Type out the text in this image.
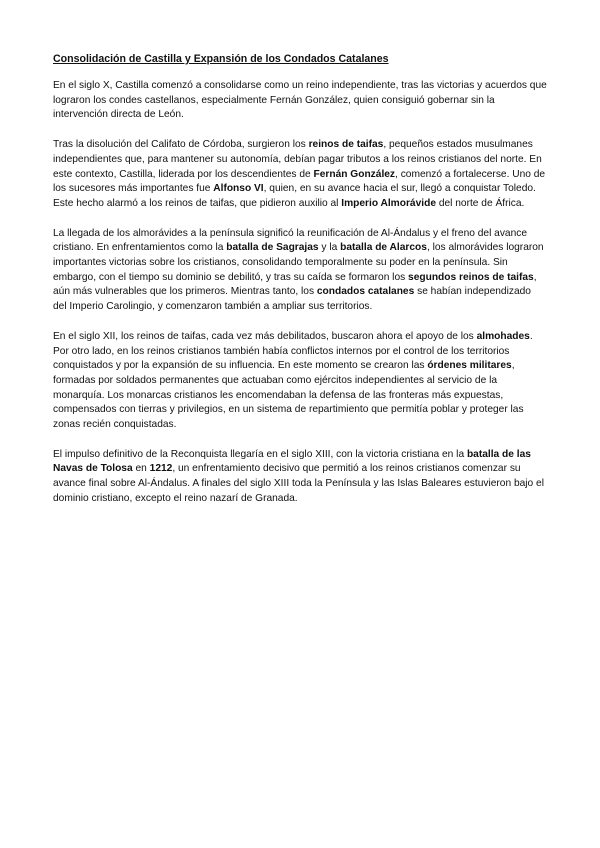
Consolidación de Castilla y Expansión de los Condados Catalanes

En el siglo X, Castilla comenzó a consolidarse como un reino independiente, tras las victorias y acuerdos que lograron los condes castellanos, especialmente Fernán González, quien consiguió gobernar sin la intervención directa de León.

Tras la disolución del Califato de Córdoba, surgieron los reinos de taifas, pequeños estados musulmanes independientes que, para mantener su autonomía, debían pagar tributos a los reinos cristianos del norte. En este contexto, Castilla, liderada por los descendientes de Fernán González, comenzó a fortalecerse. Uno de los sucesores más importantes fue Alfonso VI, quien, en su avance hacia el sur, llegó a conquistar Toledo. Este hecho alarmó a los reinos de taifas, que pidieron auxilio al Imperio Almorávide del norte de África.

La llegada de los almorávides a la península significó la reunificación de Al-Ándalus y el freno del avance cristiano. En enfrentamientos como la batalla de Sagrajas y la batalla de Alarcos, los almorávides lograron importantes victorias sobre los cristianos, consolidando temporalmente su poder en la península. Sin embargo, con el tiempo su dominio se debilitó, y tras su caída se formaron los segundos reinos de taifas, aún más vulnerables que los primeros. Mientras tanto, los condados catalanes se habían independizado del Imperio Carolingio, y comenzaron también a ampliar sus territorios.

En el siglo XII, los reinos de taifas, cada vez más debilitados, buscaron ahora el apoyo de los almohades. Por otro lado, en los reinos cristianos también había conflictos internos por el control de los territorios conquistados y por la expansión de su influencia. En este momento se crearon las órdenes militares, formadas por soldados permanentes que actuaban como ejércitos independientes al servicio de la monarquía. Los monarcas cristianos les encomendaban la defensa de las fronteras más expuestas, compensados con tierras y privilegios, en un sistema de repartimiento que permitía poblar y proteger las zonas recién conquistadas.

El impulso definitivo de la Reconquista llegaría en el siglo XIII, con la victoria cristiana en la batalla de las Navas de Tolosa en 1212, un enfrentamiento decisivo que permitió a los reinos cristianos comenzar su avance final sobre Al-Ándalus. A finales del siglo XIII toda la Península y las Islas Baleares estuvieron bajo el dominio cristiano, excepto el reino nazarí de Granada.
